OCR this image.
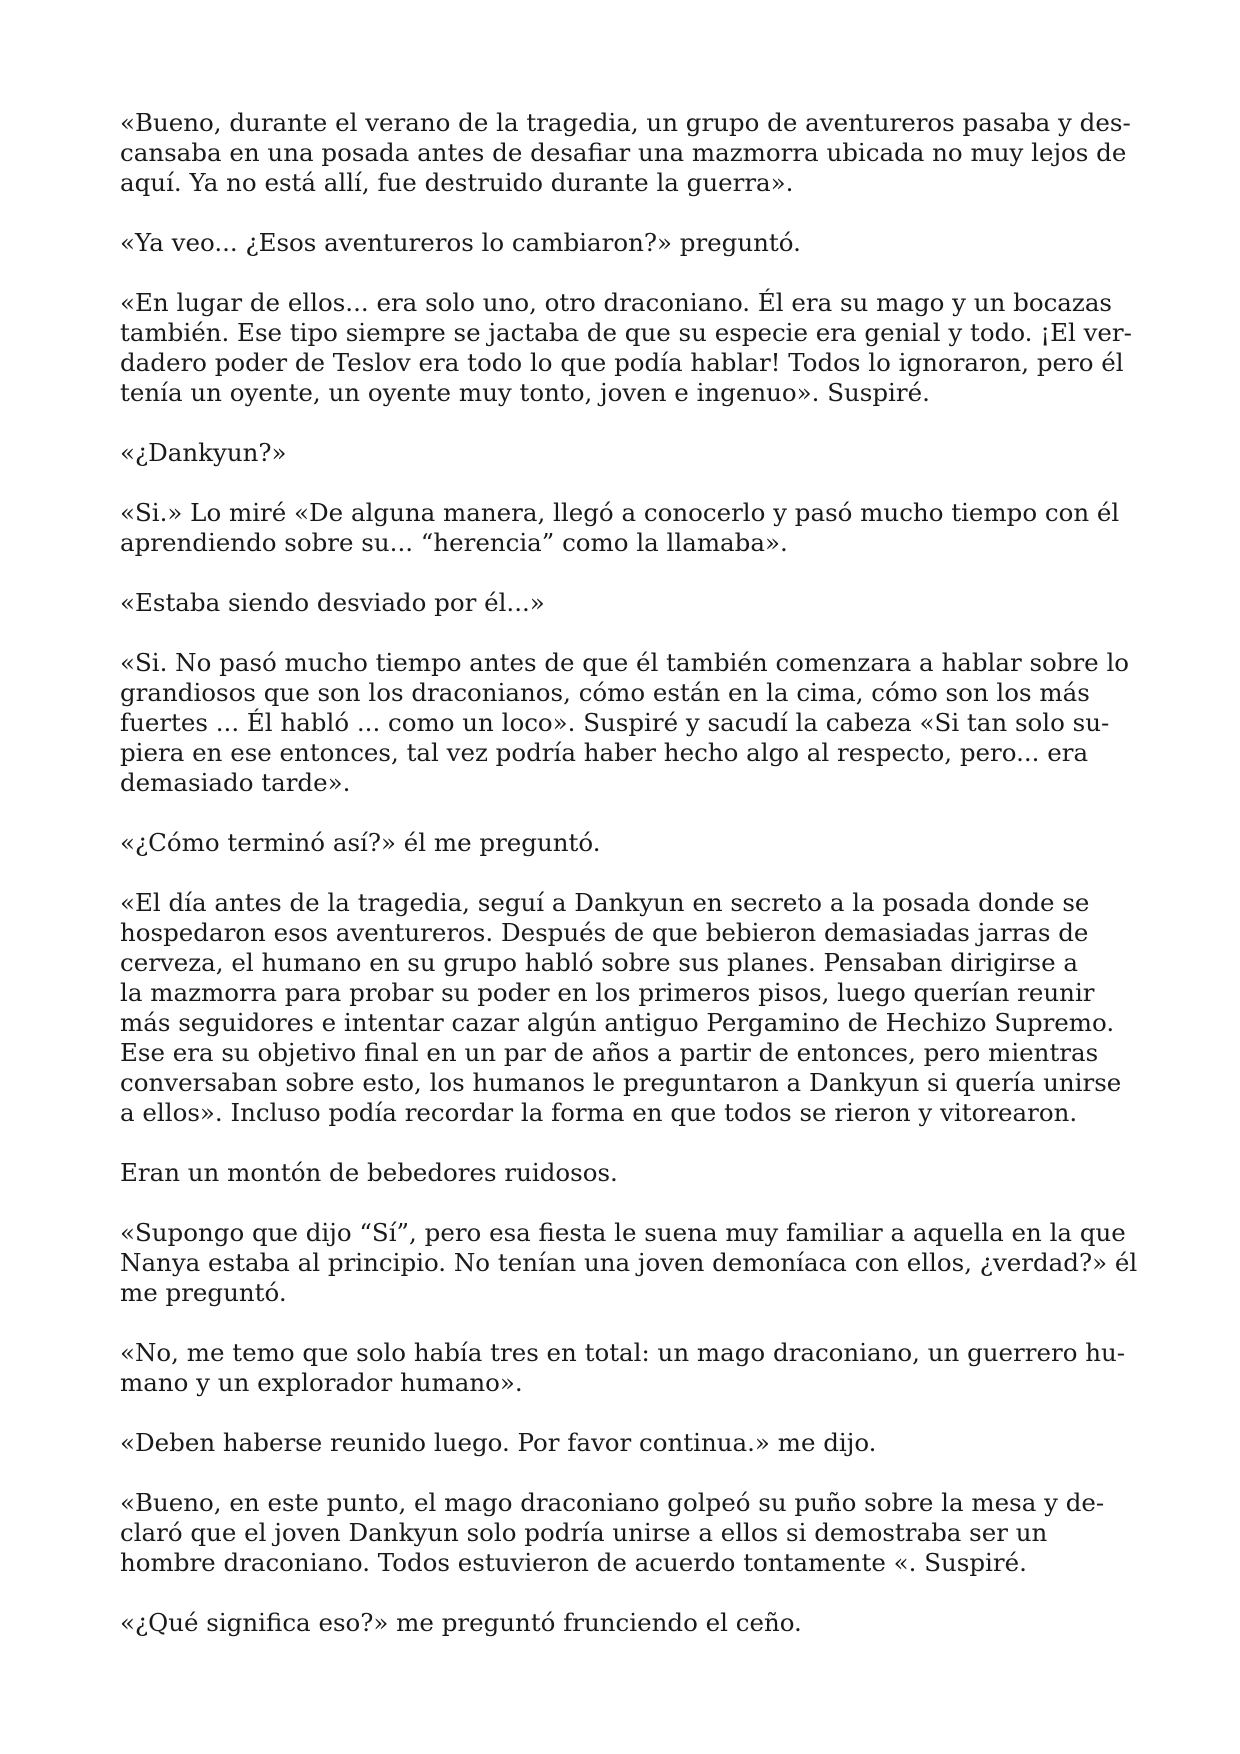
«Bueno, durante el verano de la tragedia, un grupo de aventureros pasaba y des-
cansaba en una posada antes de desafiar una mazmorra ubicada no muy lejos de
aquí. Ya no está allí, fue destruido durante la guerra».

«Ya veo... ¿Esos aventureros lo cambiaron?» preguntó.

«En lugar de ellos... era solo uno, otro draconiano. Él era su mago y un bocazas
también. Ese tipo siempre se jactaba de que su especie era genial y todo. ¡El ver-
dadero poder de Teslov era todo lo que podía hablar! Todos lo ignoraron, pero él
tenía un oyente, un oyente muy tonto, joven e ingenuo». Suspiré.

«¿Dankyun?»

«Si.» Lo miré «De alguna manera, llegó a conocerlo y pasó mucho tiempo con él
aprendiendo sobre su... “herencia” como la llamaba».

«Estaba siendo desviado por él...»

«Si. No pasó mucho tiempo antes de que él también comenzara a hablar sobre lo
grandiosos que son los draconianos, cómo están en la cima, cómo son los más
fuertes ... Él habló ... como un loco». Suspiré y sacudí la cabeza «Si tan solo su-
piera en ese entonces, tal vez podría haber hecho algo al respecto, pero... era
demasiado tarde».

«¿Cómo terminó así?» él me preguntó.

«El día antes de la tragedia, seguí a Dankyun en secreto a la posada donde se
hospedaron esos aventureros. Después de que bebieron demasiadas jarras de
cerveza, el humano en su grupo habló sobre sus planes. Pensaban dirigirse a
la mazmorra para probar su poder en los primeros pisos, luego querían reunir
más seguidores e intentar cazar algún antiguo Pergamino de Hechizo Supremo.
Ese era su objetivo final en un par de años a partir de entonces, pero mientras
conversaban sobre esto, los humanos le preguntaron a Dankyun si quería unirse
a ellos». Incluso podía recordar la forma en que todos se rieron y vitorearon.

Eran un montón de bebedores ruidosos.

«Supongo que dijo “Sí”, pero esa fiesta le suena muy familiar a aquella en la que
Nanya estaba al principio. No tenían una joven demoníaca con ellos, ¿verdad?» él
me preguntó.

«No, me temo que solo había tres en total: un mago draconiano, un guerrero hu-
mano y un explorador humano».

«Deben haberse reunido luego. Por favor continua.» me dijo.

«Bueno, en este punto, el mago draconiano golpeó su puño sobre la mesa y de-
claró que el joven Dankyun solo podría unirse a ellos si demostraba ser un
hombre draconiano. Todos estuvieron de acuerdo tontamente «. Suspiré.

«¿Qué significa eso?» me preguntó frunciendo el ceño.
